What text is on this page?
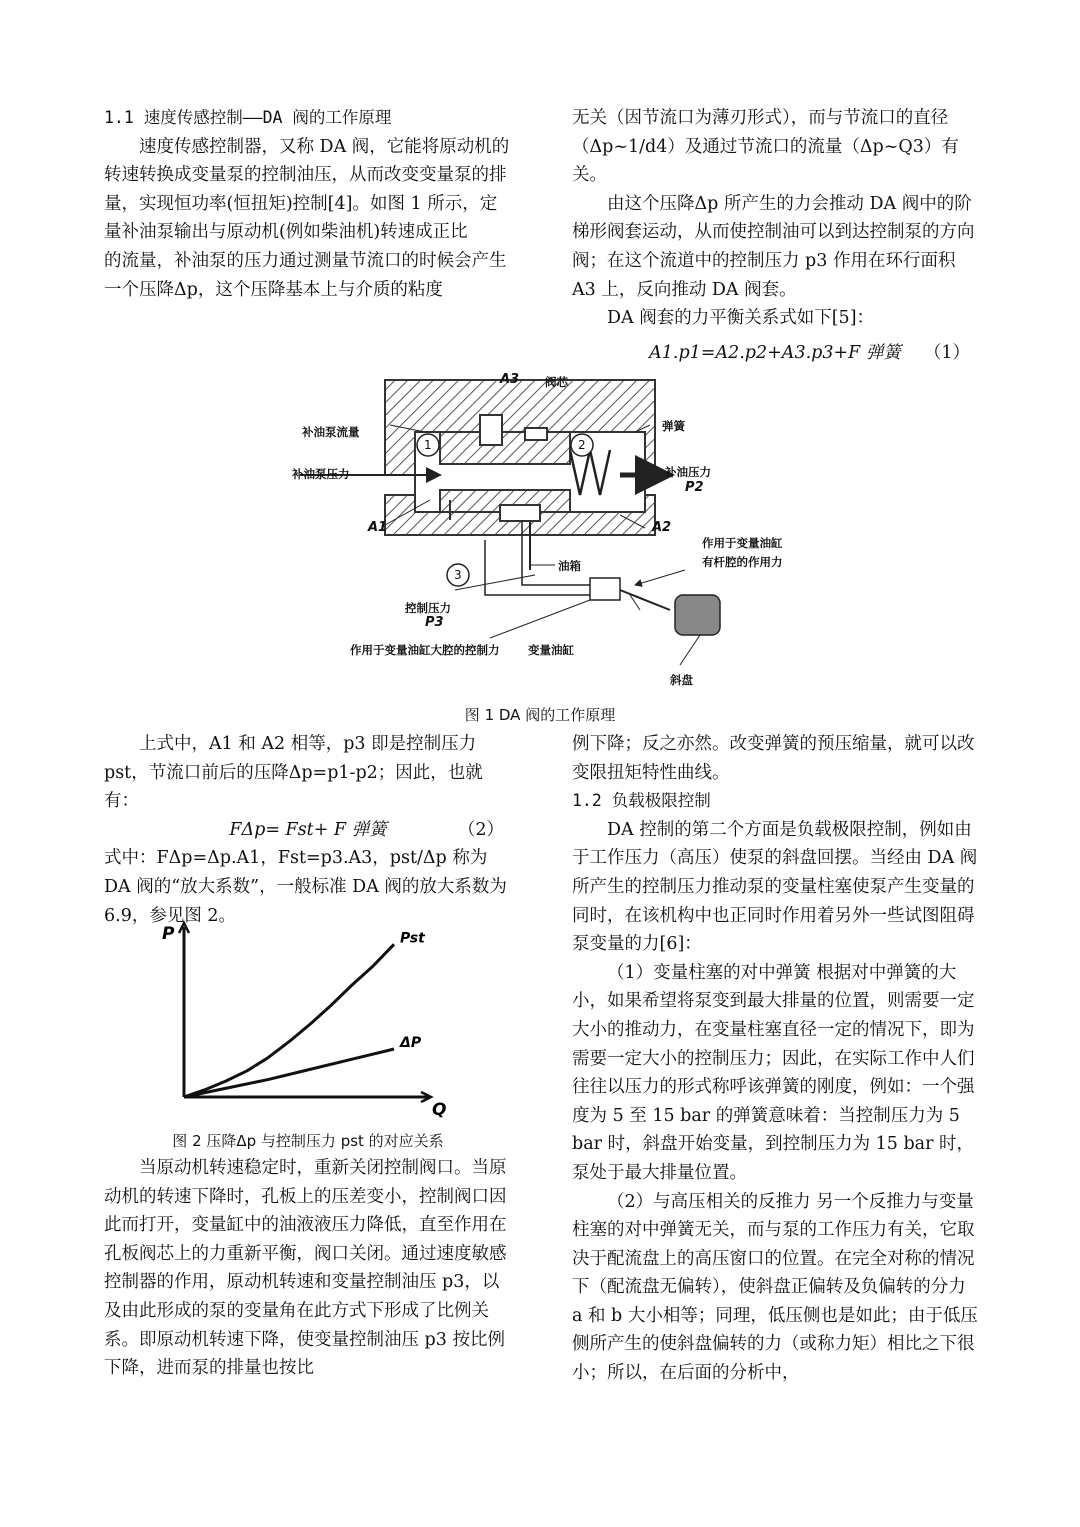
1.1 速度传感控制——DA 阀的工作原理

速度传感控制器，又称 DA 阀，它能将原动机的转速转换成变量泵的控制油压，从而改变变量泵的排量，实现恒功率(恒扭矩)控制[4]。如图 1 所示，定量补油泵输出与原动机(例如柴油机)转速成正比

的流量，补油泵的压力通过测量节流口的时候会产生一个压降Δp，这个压降基本上与介质的粘度

无关（因节流口为薄刃形式），而与节流口的直径（Δp~1/d4）及通过节流口的流量（Δp~Q3）有关。

由这个压降Δp 所产生的力会推动 DA 阀中的阶梯形阀套运动，从而使控制油可以到达控制泵的方向阀；在这个流道中的控制压力 p3 作用在环行面积 A3 上，反向推动 DA 阀套。

DA 阀套的力平衡关系式如下[5]：

A1.p1=A2.p2+A3.p3+F 弹簧 （1）

A3 阀芯
弹簧
补油泵流量
补油泵压力	补油压力
P2
A1	A2
1	2
3
油箱
作用于变量油缸
有杆腔的作用力
控制压力
P3
作用于变量油缸大腔的控制力 变量油缸
斜盘
图 1 DA 阀的工作原理

上式中，A1 和 A2 相等，p3 即是控制压力 pst，节流口前后的压降Δp=p1-p2；因此，也就有：

FΔp= Fst+ F 弹簧	（2）

式中：FΔp=Δp.A1，Fst=p3.A3，pst/Δp 称为 DA 阀的“放大系数”，一般标准 DA 阀的放大系数为 6.9，参见图 2。

P
Q
Pst
ΔP
图 2 压降Δp 与控制压力 pst 的对应关系

当原动机转速稳定时，重新关闭控制阀口。当原动机的转速下降时，孔板上的压差变小，控制阀口因此而打开，变量缸中的油液液压力降低，直至作用在孔板阀芯上的力重新平衡，阀口关闭。通过速度敏感控制器的作用，原动机转速和变量控制油压 p3，以及由此形成的泵的变量角在此方式下形成了比例关系。即原动机转速下降，使变量控制油压 p3 按比例下降，进而泵的排量也按比

例下降；反之亦然。改变弹簧的预压缩量，就可以改变限扭矩特性曲线。

1.2 负载极限控制

DA 控制的第二个方面是负载极限控制，例如由于工作压力（高压）使泵的斜盘回摆。当经由 DA 阀所产生的控制压力推动泵的变量柱塞使泵产生变量的同时，在该机构中也正同时作用着另外一些试图阻碍泵变量的力[6]：

（1）变量柱塞的对中弹簧 根据对中弹簧的大小，如果希望将泵变到最大排量的位置，则需要一定大小的推动力，在变量柱塞直径一定的情况下，即为需要一定大小的控制压力；因此，在实际工作中人们往往以压力的形式称呼该弹簧的刚度，例如：一个强度为 5 至 15 bar 的弹簧意味着：当控制压力为 5 bar 时，斜盘开始变量，到控制压力为 15 bar 时，泵处于最大排量位置。

（2）与高压相关的反推力 另一个反推力与变量柱塞的对中弹簧无关，而与泵的工作压力有关，它取决于配流盘上的高压窗口的位置。在完全对称的情况下（配流盘无偏转），使斜盘正偏转及负偏转的分力 a 和 b 大小相等；同理，低压侧也是如此；由于低压侧所产生的使斜盘偏转的力（或称力矩）相比之下很小；所以，在后面的分析中，
